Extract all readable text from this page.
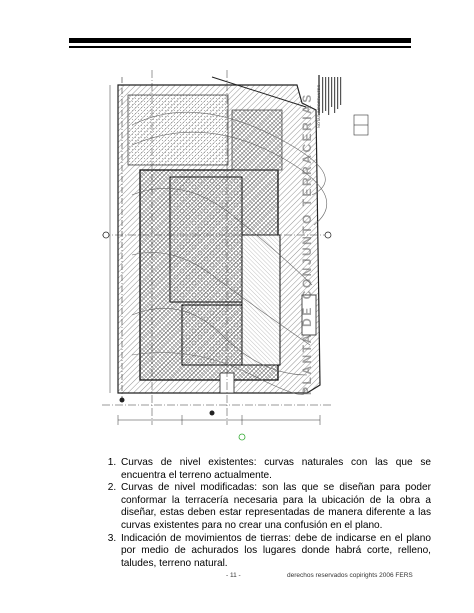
PLANTA DE CONJUNTO TERRACERIAS NOTAS IMPORTANTES
1. Curvas de nivel existentes: curvas naturales con las que se encuentra el terreno actualmente.
2. Curvas de nivel modificadas: son las que se diseñan para poder conformar la terracería necesaria para la ubicación de la obra a diseñar, estas deben estar representadas de manera diferente a las curvas existentes para no crear una confusión en el plano.
3. Indicación de movimientos de tierras: debe de indicarse en el plano por medio de achurados los lugares donde habrá corte, relleno, taludes, terreno natural.
- 11 -	derechos reservados copirights 2006 FERS
